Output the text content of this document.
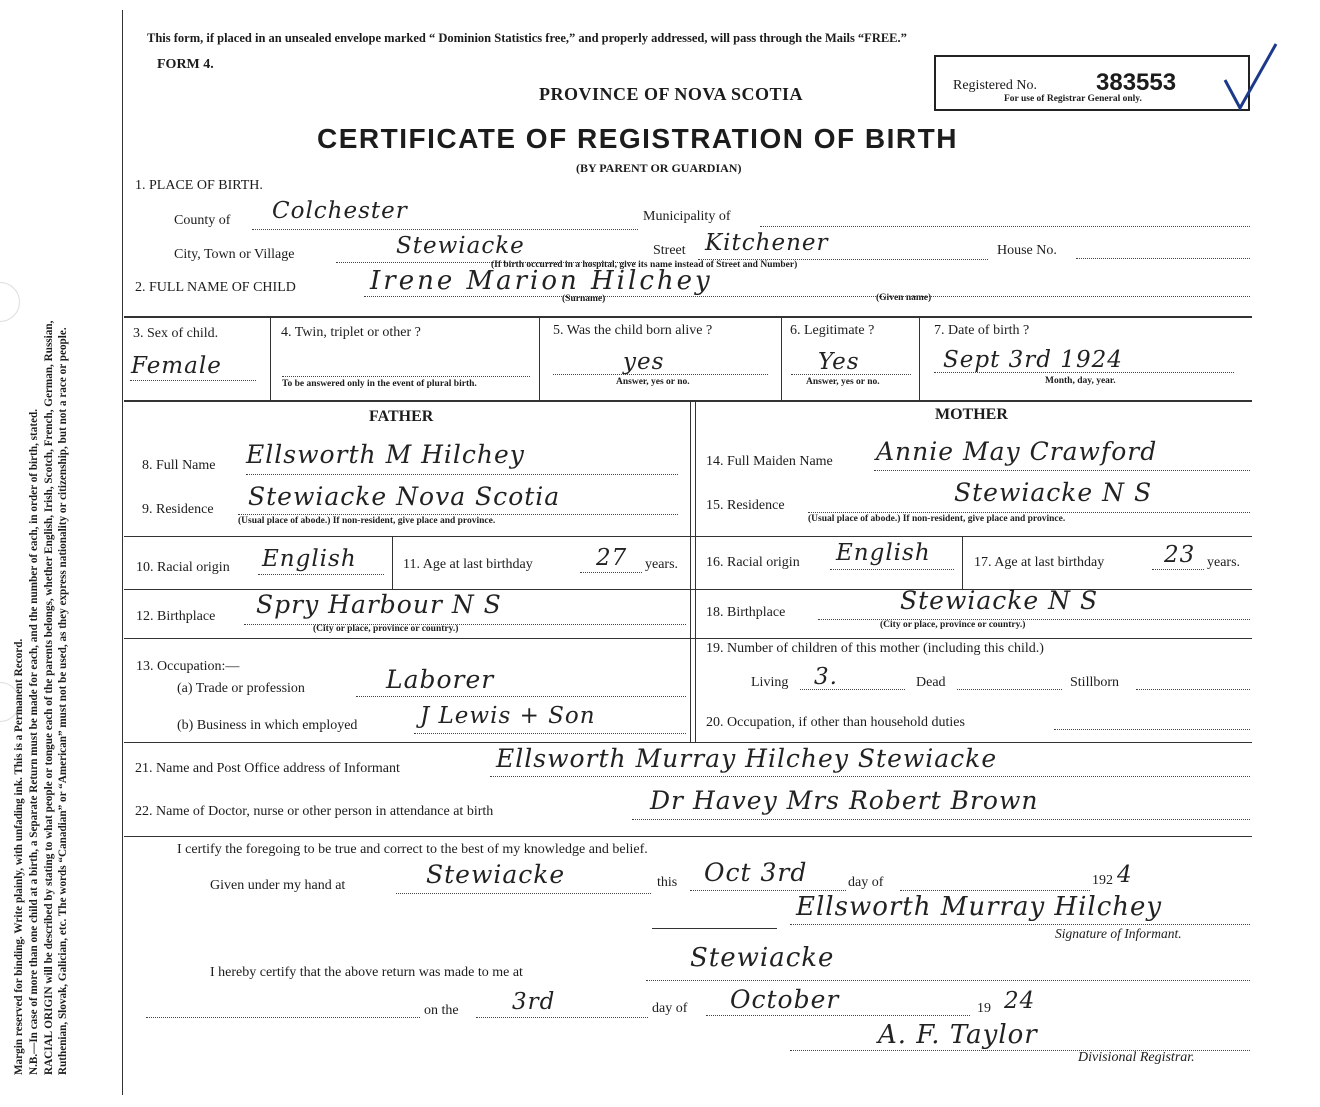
Margin reserved for binding. Write plainly, with unfading ink. This is a Permanent Record. N.B.—In case of more than one child at a birth, a Separate Return must be made for each, and the number of each, in order of birth, stated. RACIAL ORIGIN will be described by stating to what people or tongue each of the parents belongs, whether English, Irish, Scotch, French, German, Russian, Ruthenian, Slovak, Galician, etc. The words “Canadian” or “American” must not be used, as they express nationality or citizenship, but not a race or people.
This form, if placed in an unsealed envelope marked “ Dominion Statistics free,” and properly addressed, will pass through the Mails “FREE.”
FORM 4.
PROVINCE OF NOVA SCOTIA
CERTIFICATE OF REGISTRATION OF BIRTH
(BY PARENT OR GUARDIAN)
Registered No. 383553
For use of Registrar General only.
1. PLACE OF BIRTH.
County of Colchester	Municipality of
City, Town or Village	Stewiacke	Street Kitchener	House No.
(If birth occurred in a hospital, give its name instead of Street and Number)
2. FULL NAME OF CHILD	Irene Marion Hilchey
(Surname)	(Given name)
3. Sex of child.
Female
4. Twin, triplet or other ?
To be answered only in the event of plural birth.
5. Was the child born alive ?
yes
Answer, yes or no.
6. Legitimate ?
Yes
Answer, yes or no.
7. Date of birth ?
Sept 3rd 1924
Month, day, year.
FATHER	MOTHER
8. Full Name Ellsworth M Hilchey
9. Residence Stewiacke Nova Scotia
(Usual place of abode.) If non-resident, give place and province.
10. Racial origin English	11. Age at last birthday	27 years.
12. Birthplace Spry Harbour N S
(City or place, province or country.)
13. Occupation:—
(a) Trade or profession	Laborer
(b) Business in which employed	J Lewis + Son
14. Full Maiden Name Annie May Crawford
15. Residence	Stewiacke N S
(Usual place of abode.) If non-resident, give place and province.
16. Racial origin English	17. Age at last birthday	23 years.
18. Birthplace	Stewiacke N S
(City or place, province or country.)
19. Number of children of this mother (including this child.)
Living 3.	Dead	Stillborn
20. Occupation, if other than household duties
21. Name and Post Office address of Informant	Ellsworth Murray Hilchey Stewiacke
22. Name of Doctor, nurse or other person in attendance at birth	Dr Havey Mrs Robert Brown
I certify the foregoing to be true and correct to the best of my knowledge and belief.
Given under my hand at	Stewiacke	this Oct 3rd	day of	192 4
Ellsworth Murray Hilchey
Signature of Informant.
I hereby certify that the above return was made to me at	Stewiacke
on the 3rd	day of October	19 24
A. F. Taylor
Divisional Registrar.
